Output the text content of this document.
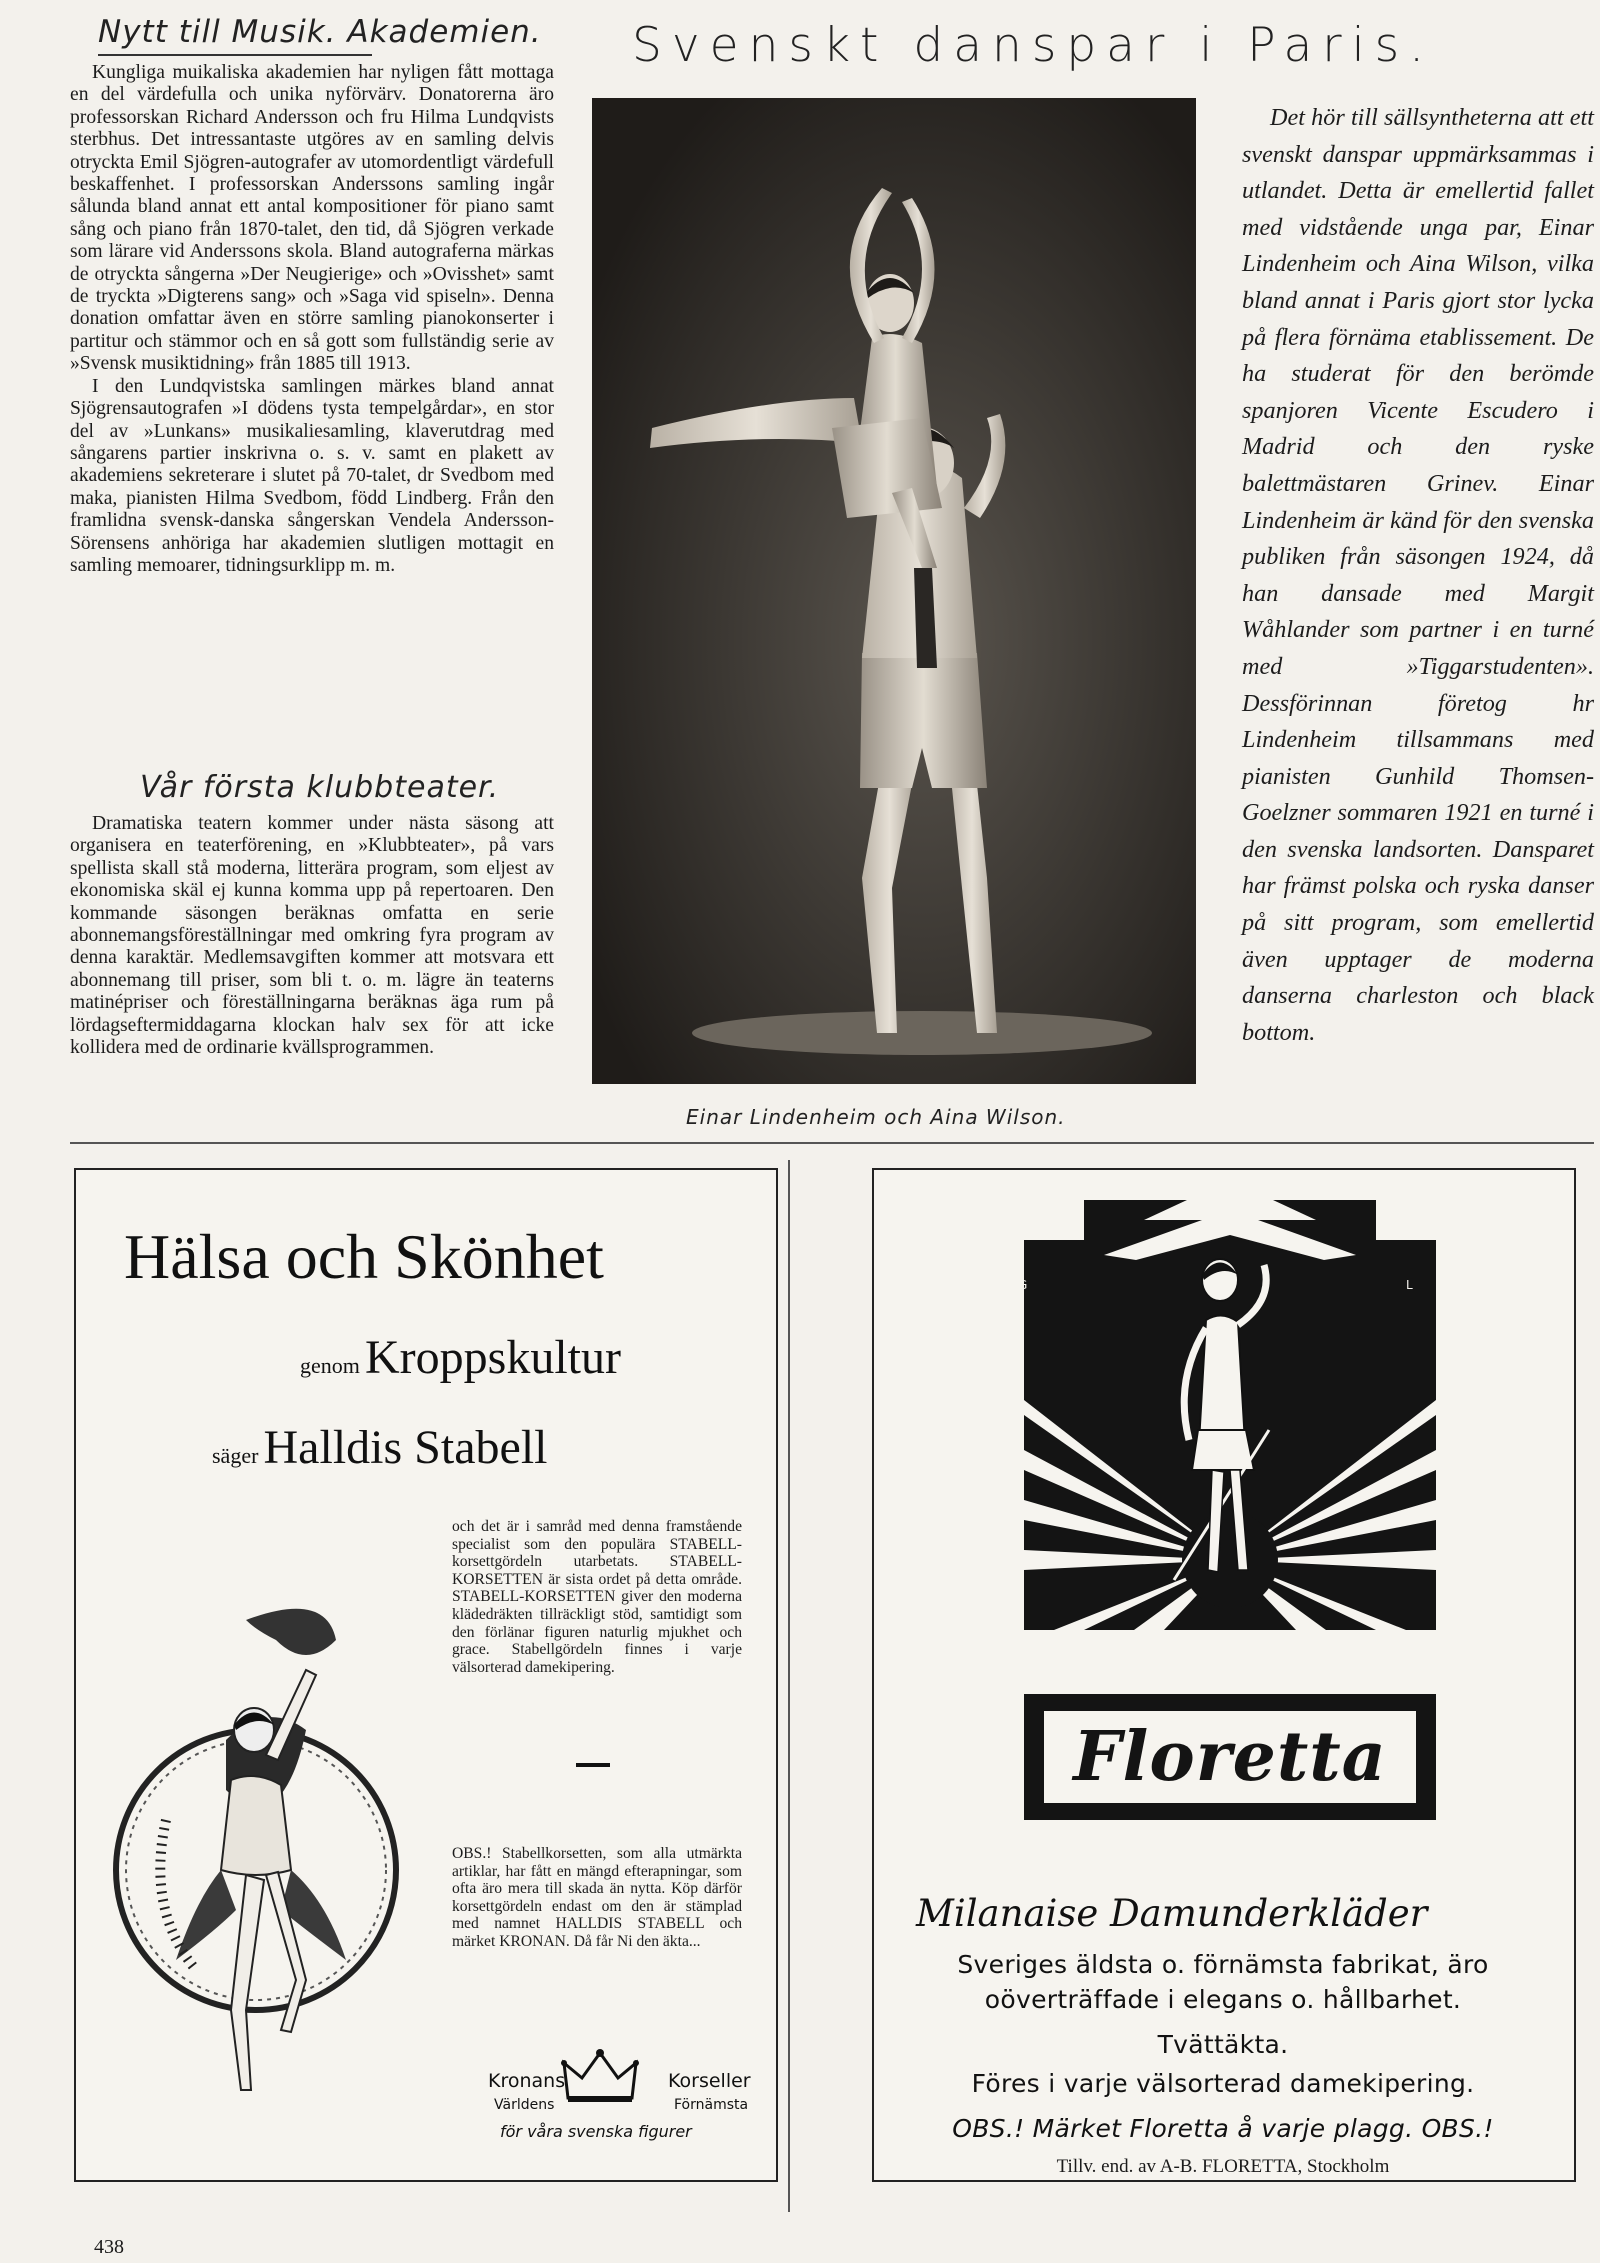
Nytt till Musik. Akademien.

Kungliga muikaliska akademien har nyligen fått mottaga en del värdefulla och unika nyförvärv. Donatorerna äro professorskan Richard Andersson och fru Hilma Lundqvists sterbhus. Det intressantaste utgöres av en samling delvis otryckta Emil Sjögren-autografer av utomordentligt värdefull beskaffenhet. I professorskan Anderssons samling ingår sålunda bland annat ett antal kompositioner för piano samt sång och piano från 1870-talet, den tid, då Sjögren verkade som lärare vid Anderssons skola. Bland autograferna märkas de otryckta sångerna »Der Neugierige» och »Ovisshet» samt de tryckta »Digterens sang» och »Saga vid spiseln». Denna donation omfattar även en större samling pianokonserter i partitur och stämmor och en så gott som fullständig serie av »Svensk musiktidning» från 1885 till 1913.

I den Lundqvistska samlingen märkes bland annat Sjögrensautografen »I dödens tysta tempelgårdar», en stor del av »Lunkans» musikaliesamling, klaverutdrag med sångarens partier inskrivna o. s. v. samt en plakett av akademiens sekreterare i slutet på 70-talet, dr Svedbom med maka, pianisten Hilma Svedbom, född Lindberg. Från den framlidna svensk-danska sångerskan Vendela Andersson-Sörensens anhöriga har akademien slutligen mottagit en samling memoarer, tidningsurklipp m. m.

Vår första klubbteater.

Dramatiska teatern kommer under nästa säsong att organisera en teaterförening, en »Klubbteater», på vars spellista skall stå moderna, litterära program, som eljest av ekonomiska skäl ej kunna komma upp på repertoaren. Den kommande säsongen beräknas omfatta en serie abonnemangsföreställningar med omkring fyra program av denna karaktär. Medlemsavgiften kommer att motsvara ett abonnemang till priser, som bli t. o. m. lägre än teaterns matinépriser och föreställningarna beräknas äga rum på lördagseftermiddagarna klockan halv sex för att icke kollidera med de ordinarie kvällsprogrammen.

Svenskt danspar i Paris.
Einar Lindenheim och Aina Wilson.
Det hör till sällsyntheterna att ett svenskt danspar uppmärksammas i utlandet. Detta är emellertid fallet med vidstående unga par, Einar Lindenheim och Aina Wilson, vilka bland annat i Paris gjort stor lycka på flera förnäma etablissement. De ha studerat för den berömde spanjoren Vicente Escudero i Madrid och den ryske balettmästaren Grinev. Einar Lindenheim är känd för den svenska publiken från säsongen 1924, då han dansade med Margit Wåhlander som partner i en turné med »Tiggarstudenten». Dessförinnan företog hr Lindenheim tillsammans med pianisten Gunhild Thomsen-Goelzner sommaren 1921 en turné i den svenska landsorten. Dansparet har främst polska och ryska danser på sitt program, som emellertid även upptager de moderna danserna charleston och black bottom.
Hälsa och Skönhet
genom Kroppskultur
säger Halldis Stabell
och det är i samråd med denna framstående specialist som den populära STABELL-korsettgördeln utarbetats. STABELL-KORSETTEN är sista ordet på detta område. STABELL-KORSETTEN giver den moderna klädedräkten tillräckligt stöd, samtidigt som den förlänar figuren naturlig mjukhet och grace. Stabellgördeln finnes i varje välsorterad damekipering.
OBS.! Stabellkorsetten, som alla utmärkta artiklar, har fått en mängd efterapningar, som ofta äro mera till skada än nytta. Köp därför korsettgördeln endast om den är stämplad med namnet HALLDIS STABELL och märket KRONAN. Då får Ni den äkta...
Kronans
Världens
Korseller
Förnämsta
för våra svenska figurer
G	L
Floretta
Milanaise Damunderkläder
Sveriges äldsta o. förnämsta fabrikat, äro
oöverträffade i elegans o. hållbarhet.
Tvättäkta.
Föres i varje välsorterad damekipering.
OBS.! Märket Floretta å varje plagg. OBS.!
Tillv. end. av A-B. FLORETTA, Stockholm
438
